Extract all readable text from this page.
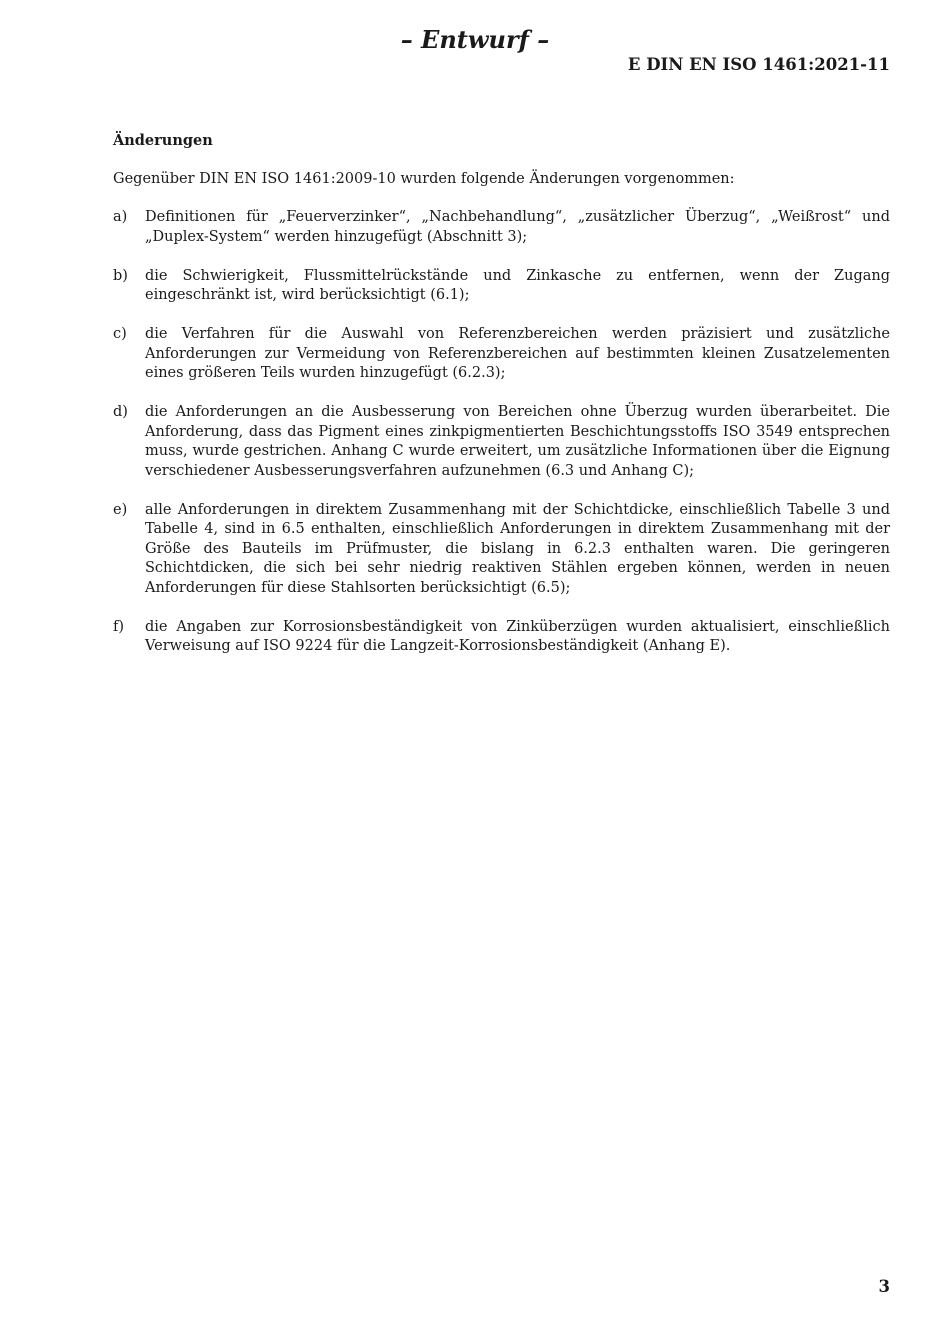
– Entwurf –
E DIN EN ISO 1461:2021-11
Änderungen
Gegenüber DIN EN ISO 1461:2009-10 wurden folgende Änderungen vorgenommen:
a)	Definitionen für „Feuerverzinker“, „Nachbehandlung“, „zusätzlicher Überzug“, „Weißrost“ und „Duplex-System“ werden hinzugefügt (Abschnitt 3);
b)	die Schwierigkeit, Flussmittelrückstände und Zinkasche zu entfernen, wenn der Zugang eingeschränkt ist, wird berücksichtigt (6.1);
c)	die Verfahren für die Auswahl von Referenzbereichen werden präzisiert und zusätzliche Anforderungen zur Vermeidung von Referenzbereichen auf bestimmten kleinen Zusatzelementen eines größeren Teils wurden hinzugefügt (6.2.3);
d)	die Anforderungen an die Ausbesserung von Bereichen ohne Überzug wurden überarbeitet. Die Anforderung, dass das Pigment eines zinkpigmentierten Beschichtungsstoffs ISO 3549 entsprechen muss, wurde gestrichen. Anhang C wurde erweitert, um zusätzliche Informationen über die Eignung verschiedener Ausbesserungsverfahren aufzunehmen (6.3 und Anhang C);
e)	alle Anforderungen in direktem Zusammenhang mit der Schichtdicke, einschließlich Tabelle 3 und Tabelle 4, sind in 6.5 enthalten, einschließlich Anforderungen in direktem Zusammenhang mit der Größe des Bauteils im Prüfmuster, die bislang in 6.2.3 enthalten waren. Die geringeren Schichtdicken, die sich bei sehr niedrig reaktiven Stählen ergeben können, werden in neuen Anforderungen für diese Stahlsorten berücksichtigt (6.5);
f)	die Angaben zur Korrosionsbeständigkeit von Zinküberzügen wurden aktualisiert, einschließlich Verweisung auf ISO 9224 für die Langzeit-Korrosionsbeständigkeit (Anhang E).
3
